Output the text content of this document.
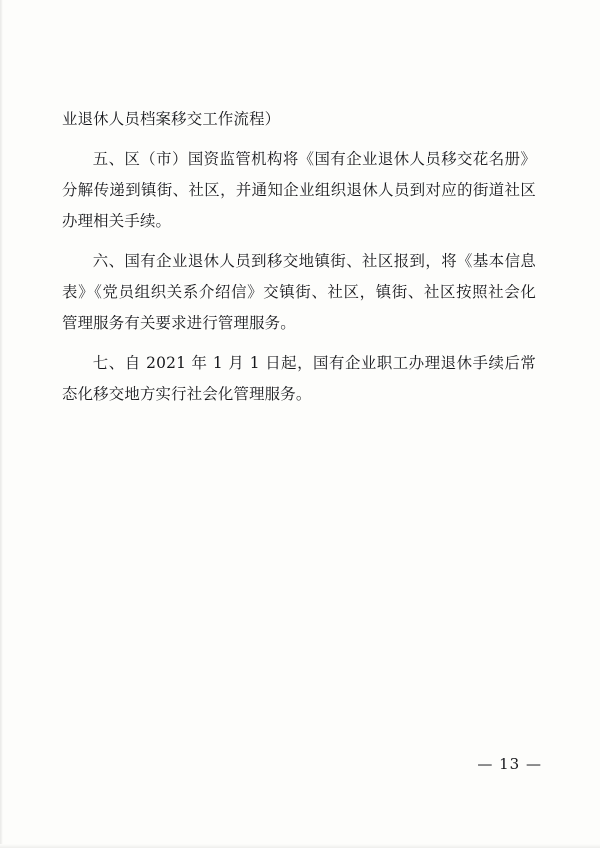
业退休人员档案移交工作流程）

五、区（市）国资监管机构将《国有企业退休人员移交花名册》分解传递到镇街、社区，并通知企业组织退休人员到对应的街道社区办理相关手续。

六、国有企业退休人员到移交地镇街、社区报到，将《基本信息表》《党员组织关系介绍信》交镇街、社区，镇街、社区按照社会化管理服务有关要求进行管理服务。

七、自 2021 年 1 月 1 日起，国有企业职工办理退休手续后常态化移交地方实行社会化管理服务。

— 13 —
